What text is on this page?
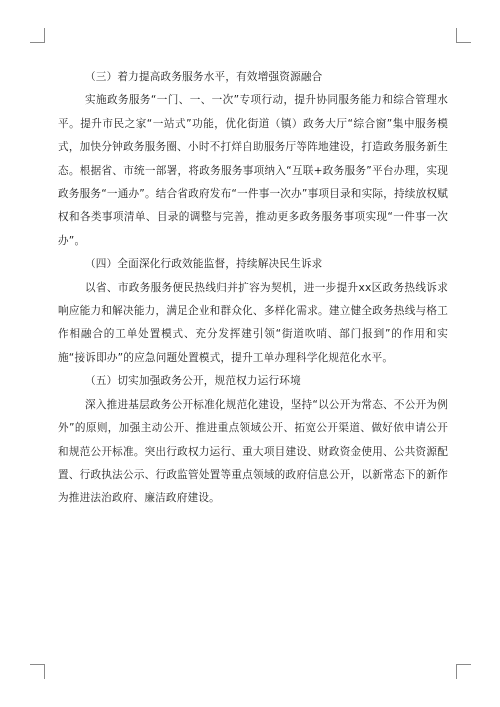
（三）着力提高政务服务水平，有效增强资源融合

实施政务服务“一门、一、一次”专项行动，提升协同服务能力和综合管理水平。提升市民之家“一站式”功能，优化街道（镇）政务大厅“综合窗”集中服务模式，加快分钟政务服务圈、小时不打烊自助服务厅等阵地建设，打造政务服务新生态。根据省、市统一部署，将政务服务事项纳入“互联+政务服务”平台办理，实现政务服务“一通办”。结合省政府发布“一件事一次办”事项目录和实际，持续放权赋权和各类事项清单、目录的调整与完善，推动更多政务服务事项实现“一件事一次办”。

（四）全面深化行政效能监督，持续解决民生诉求

以省、市政务服务便民热线归并扩容为契机，进一步提升xx区政务热线诉求响应能力和解决能力，满足企业和群众化、多样化需求。建立健全政务热线与格工作相融合的工单处置模式、充分发挥建引领“街道吹哨、部门报到”的作用和实施“接诉即办”的应急问题处置模式，提升工单办理科学化规范化水平。

（五）切实加强政务公开，规范权力运行环境

深入推进基层政务公开标准化规范化建设，坚持“以公开为常态、不公开为例外”的原则，加强主动公开、推进重点领域公开、拓宽公开渠道、做好依申请公开和规范公开标准。突出行政权力运行、重大项目建设、财政资金使用、公共资源配置、行政执法公示、行政监管处置等重点领域的政府信息公开，以新常态下的新作为推进法治政府、廉洁政府建设。
